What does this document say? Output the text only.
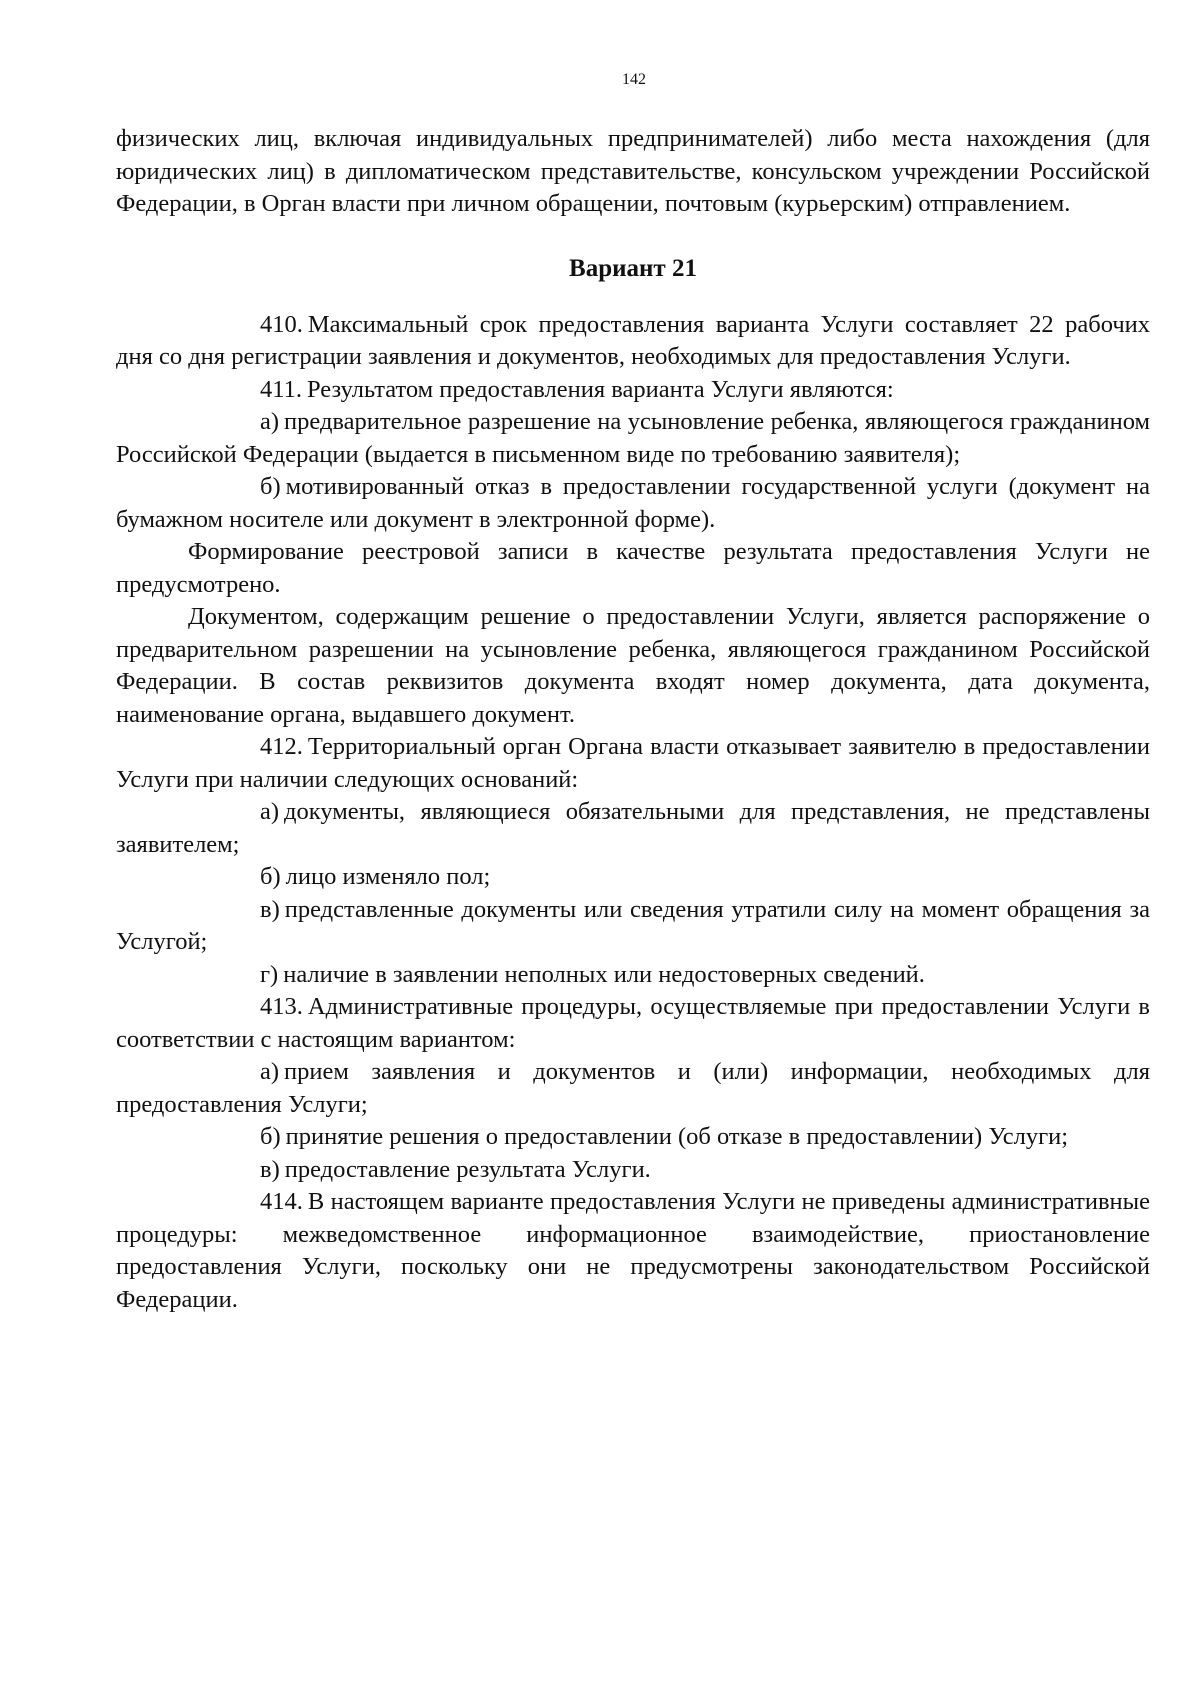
142

физических лиц, включая индивидуальных предпринимателей) либо места нахождения (для юридических лиц) в дипломатическом представительстве, консульском учреждении Российской Федерации, в Орган власти при личном обращении, почтовым (курьерским) отправлением.

Вариант 21

410. Максимальный срок предоставления варианта Услуги составляет 22 рабочих дня со дня регистрации заявления и документов, необходимых для предоставления Услуги.

411. Результатом предоставления варианта Услуги являются:

а) предварительное разрешение на усыновление ребенка, являющегося гражданином Российской Федерации (выдается в письменном виде по требованию заявителя);

б) мотивированный отказ в предоставлении государственной услуги (документ на бумажном носителе или документ в электронной форме).

Формирование реестровой записи в качестве результата предоставления Услуги не предусмотрено.

Документом, содержащим решение о предоставлении Услуги, является распоряжение о предварительном разрешении на усыновление ребенка, являющегося гражданином Российской Федерации. В состав реквизитов документа входят номер документа, дата документа, наименование органа, выдавшего документ.

412. Территориальный орган Органа власти отказывает заявителю в предоставлении Услуги при наличии следующих оснований:

а) документы, являющиеся обязательными для представления, не представлены заявителем;

б) лицо изменяло пол;

в) представленные документы или сведения утратили силу на момент обращения за Услугой;

г) наличие в заявлении неполных или недостоверных сведений.

413. Административные процедуры, осуществляемые при предоставлении Услуги в соответствии с настоящим вариантом:

а) прием заявления и документов и (или) информации, необходимых для предоставления Услуги;

б) принятие решения о предоставлении (об отказе в предоставлении) Услуги;

в) предоставление результата Услуги.

414. В настоящем варианте предоставления Услуги не приведены административные процедуры: межведомственное информационное взаимодействие, приостановление предоставления Услуги, поскольку они не предусмотрены законодательством Российской Федерации.
